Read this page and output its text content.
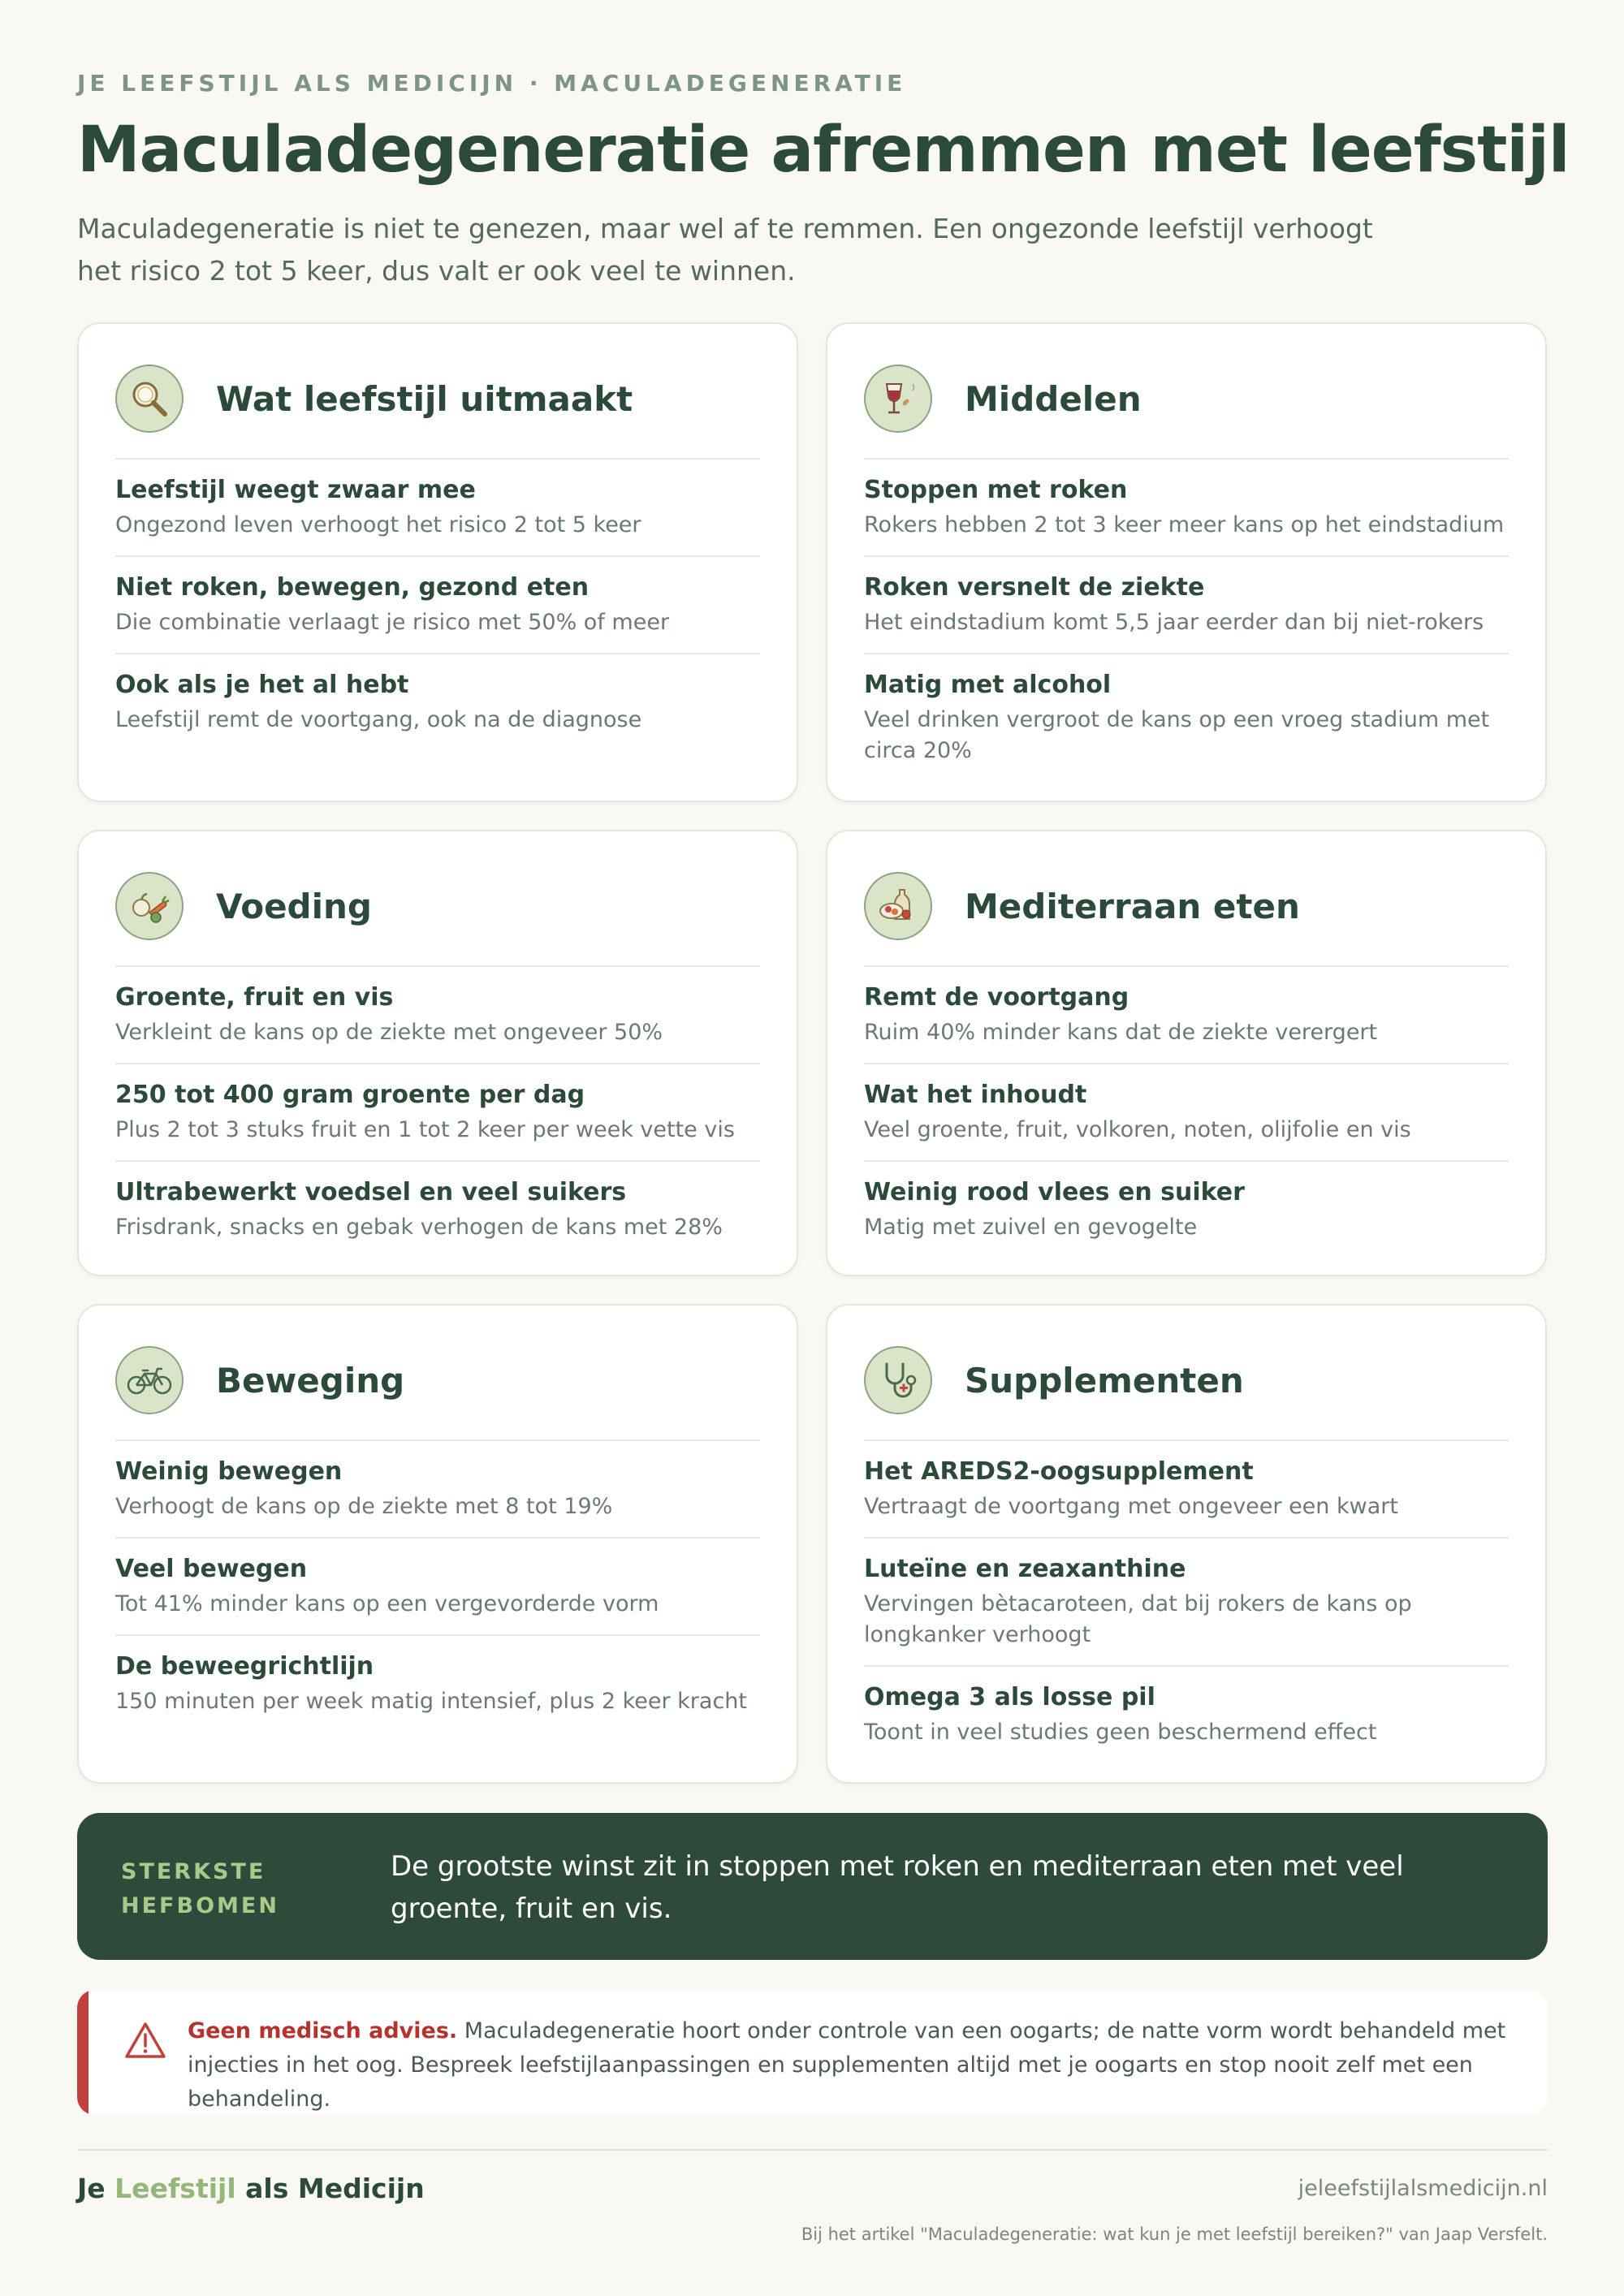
JE LEEFSTIJL ALS MEDICIJN · MACULADEGENERATIE
Maculadegeneratie afremmen met leefstijl

Maculadegeneratie is niet te genezen, maar wel af te remmen. Een ongezonde leefstijl verhoogt het risico 2 tot 5 keer, dus valt er ook veel te winnen.

Wat leefstijl uitmaakt
Leefstijl weegt zwaar mee
Ongezond leven verhoogt het risico 2 tot 5 keer
Niet roken, bewegen, gezond eten
Die combinatie verlaagt je risico met 50% of meer
Ook als je het al hebt
Leefstijl remt de voortgang, ook na de diagnose
Middelen
Stoppen met roken
Rokers hebben 2 tot 3 keer meer kans op het eindstadium
Roken versnelt de ziekte
Het eindstadium komt 5,5 jaar eerder dan bij niet-rokers
Matig met alcohol
Veel drinken vergroot de kans op een vroeg stadium met circa 20%
Voeding
Groente, fruit en vis
Verkleint de kans op de ziekte met ongeveer 50%
250 tot 400 gram groente per dag
Plus 2 tot 3 stuks fruit en 1 tot 2 keer per week vette vis
Ultrabewerkt voedsel en veel suikers
Frisdrank, snacks en gebak verhogen de kans met 28%
Mediterraan eten
Remt de voortgang
Ruim 40% minder kans dat de ziekte verergert
Wat het inhoudt
Veel groente, fruit, volkoren, noten, olijfolie en vis
Weinig rood vlees en suiker
Matig met zuivel en gevogelte
Beweging
Weinig bewegen
Verhoogt de kans op de ziekte met 8 tot 19%
Veel bewegen
Tot 41% minder kans op een vergevorderde vorm
De beweegrichtlijn
150 minuten per week matig intensief, plus 2 keer kracht
Supplementen
Het AREDS2-oogsupplement
Vertraagt de voortgang met ongeveer een kwart
Luteïne en zeaxanthine
Vervingen bètacaroteen, dat bij rokers de kans op longkanker verhoogt
Omega 3 als losse pil
Toont in veel studies geen beschermend effect
STERKSTE HEFBOMEN
De grootste winst zit in stoppen met roken en mediterraan eten met veel groente, fruit en vis.

Geen medisch advies. Maculadegeneratie hoort onder controle van een oogarts; de natte vorm wordt behandeld met injecties in het oog. Bespreek leefstijlaanpassingen en supplementen altijd met je oogarts en stop nooit zelf met een behandeling.

Je Leefstijl als Medicijn	jeleefstijlalsmedicijn.nl
Bij het artikel "Maculadegeneratie: wat kun je met leefstijl bereiken?" van Jaap Versfelt.
